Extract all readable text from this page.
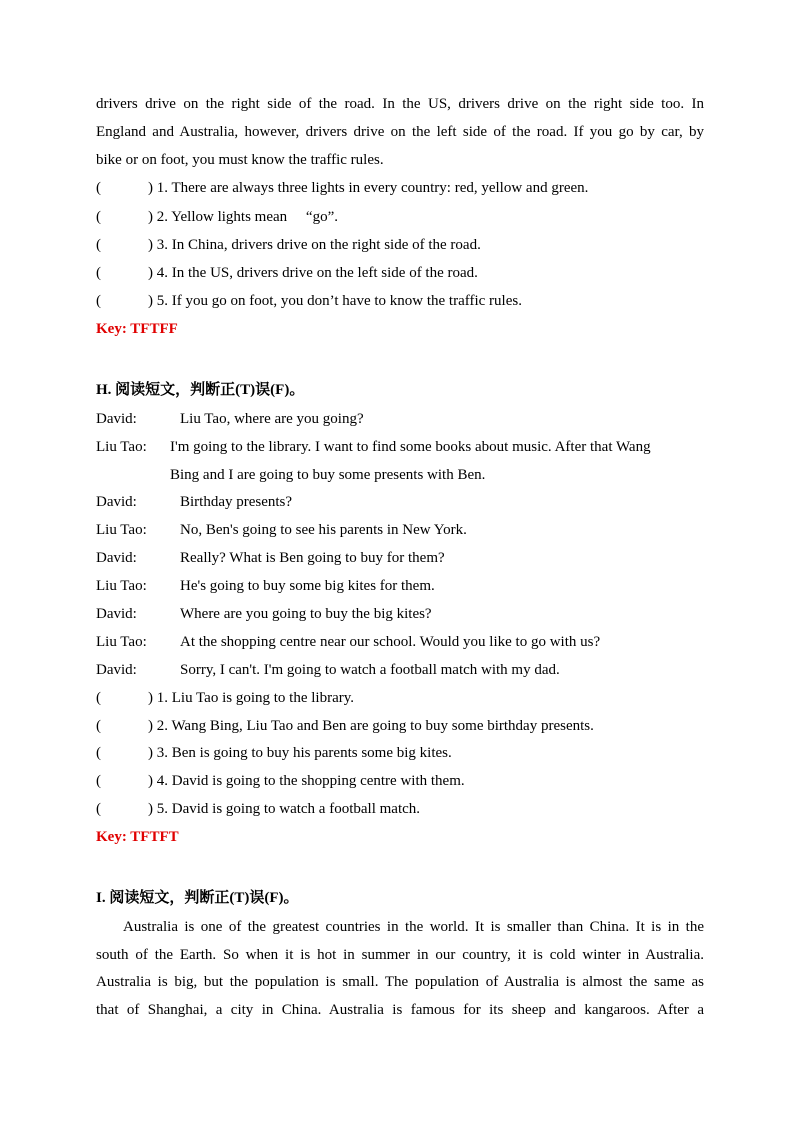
drivers drive on the right side of the road. In the US, drivers drive on the right side too. In
England and Australia, however, drivers drive on the left side of the road. If you go by car, by
bike or on foot, you must know the traffic rules.
(	) 1. There are always three lights in every country: red, yellow and green.
(	) 2. Yellow lights mean 　“go”.
(	) 3. In China, drivers drive on the right side of the road.
(	) 4. In the US, drivers drive on the left side of the road.
(	) 5. If you go on foot, you don’t have to know the traffic rules.
Key: TFTFF
H. 阅读短文，判断正(T)误(F)。
David:	Liu Tao, where are you going?
Liu Tao: I'm going to the library. I want to find some books about music. After that Wang
Bing and I are going to buy some presents with Ben.
David:	Birthday presents?
Liu Tao: No, Ben's going to see his parents in New York.
David:	Really? What is Ben going to buy for them?
Liu Tao: He's going to buy some big kites for them.
David:	Where are you going to buy the big kites?
Liu Tao: At the shopping centre near our school. Would you like to go with us?
David:	Sorry, I can't. I'm going to watch a football match with my dad.
(	) 1. Liu Tao is going to the library.
(	) 2. Wang Bing, Liu Tao and Ben are going to buy some birthday presents.
(	) 3. Ben is going to buy his parents some big kites.
(	) 4. David is going to the shopping centre with them.
(	) 5. David is going to watch a football match.
Key: TFTFT
I. 阅读短文，判断正(T)误(F)。
Australia is one of the greatest countries in the world. It is smaller than China. It is in the
south of the Earth. So when it is hot in summer in our country, it is cold winter in Australia.
Australia is big, but the population is small. The population of Australia is almost the same as
that of Shanghai, a city in China. Australia is famous for its sheep and kangaroos. After a
